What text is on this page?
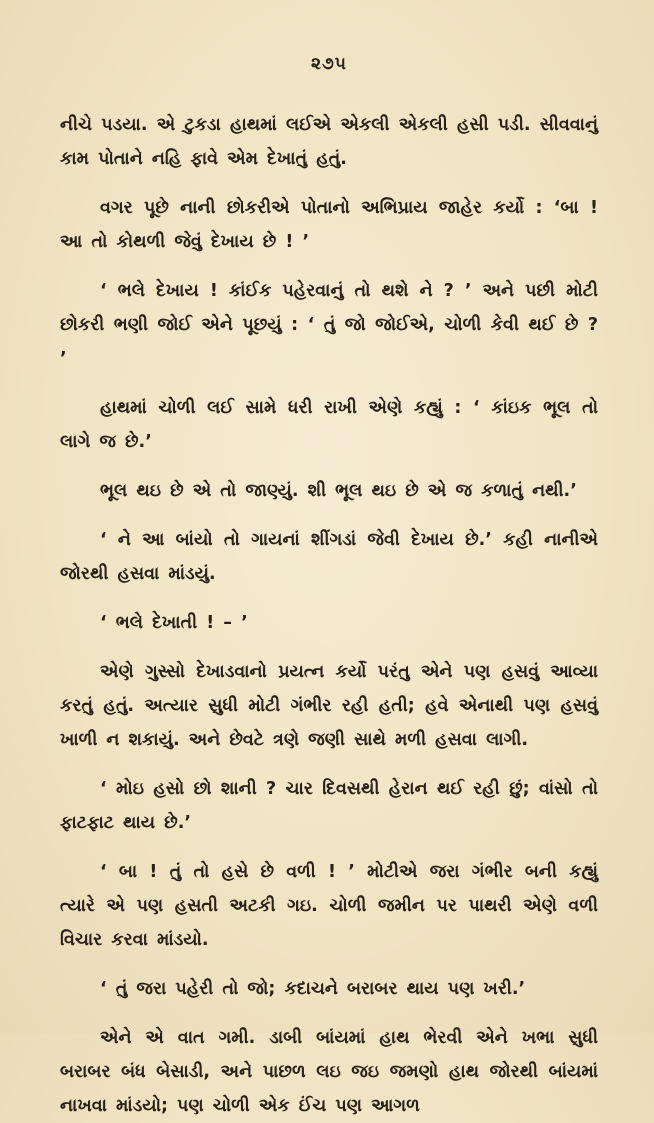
૨૭૫

નીચે પડયા. એ ટુકડા હાથમાં લઈએ એકલી એકલી હસી પડી. સીવવાનું કામ પોતાને નહિ ફાવે એમ દેખાતું હતું.

વગર પૂછે નાની છોકરીએ પોતાનો અભિપ્રાય જાહેર કર્યો : ‘બા ! આ તો કોથળી જેવું દેખાય છે ! ’

‘ ભલે દેખાય ! કાંઈક પહેરવાનું તો થશે ને ? ’ અને પછી મોટી છોકરી ભણી જોઈ એને પૂછયું : ‘ તું જો જોઈએ, ચોળી કેવી થઈ છે ? ’

હાથમાં ચોળી લઈ સામે ધરી રાખી એણે કહ્યું : ‘ કાંઇક ભૂલ તો લાગે જ છે.’

ભૂલ થઇ છે એ તો જાણ્યું. શી ભૂલ થઇ છે એ જ કળાતું નથી.’

‘ ને આ બાંયો તો ગાયનાં શીંગડાં જેવી દેખાય છે.’ કહી નાનીએ જોરથી હસવા માંડયું.

‘ ભલે દેખાતી ! – ’

એણે ગુસ્સો દેખાડવાનો પ્રયત્ન કર્યો પરંતુ એને પણ હસવું આવ્યા કરતું હતું. અત્યાર સુધી મોટી ગંભીર રહી હતી; હવે એનાથી પણ હસવું ખાળી ન શકાયું. અને છેવટે ત્રણે જણી સાથે મળી હસવા લાગી.

‘ મોઇ હસો છો શાની ? ચાર દિવસથી હેરાન થઈ રહી છું; વાંસો તો ફાટફાટ થાય છે.’

‘ બા ! તું તો હસે છે વળી ! ’ મોટીએ જરા ગંભીર બની કહ્યું ત્યારે એ પણ હસતી અટકી ગઇ. ચોળી જમીન પર પાથરી એણે વળી વિચાર કરવા માંડયો.

‘ તું જરા પહેરી તો જો; કદાચને બરાબર થાય પણ ખરી.’

એને એ વાત ગમી. ડાબી બાંયમાં હાથ ભેરવી એને ખભા સુધી બરાબર બંધ બેસાડી, અને પાછળ લઇ જઇ જમણો હાથ જોરથી બાંયમાં નાખવા માંડયો; પણ ચોળી એક ઈંચ પણ આગળ
